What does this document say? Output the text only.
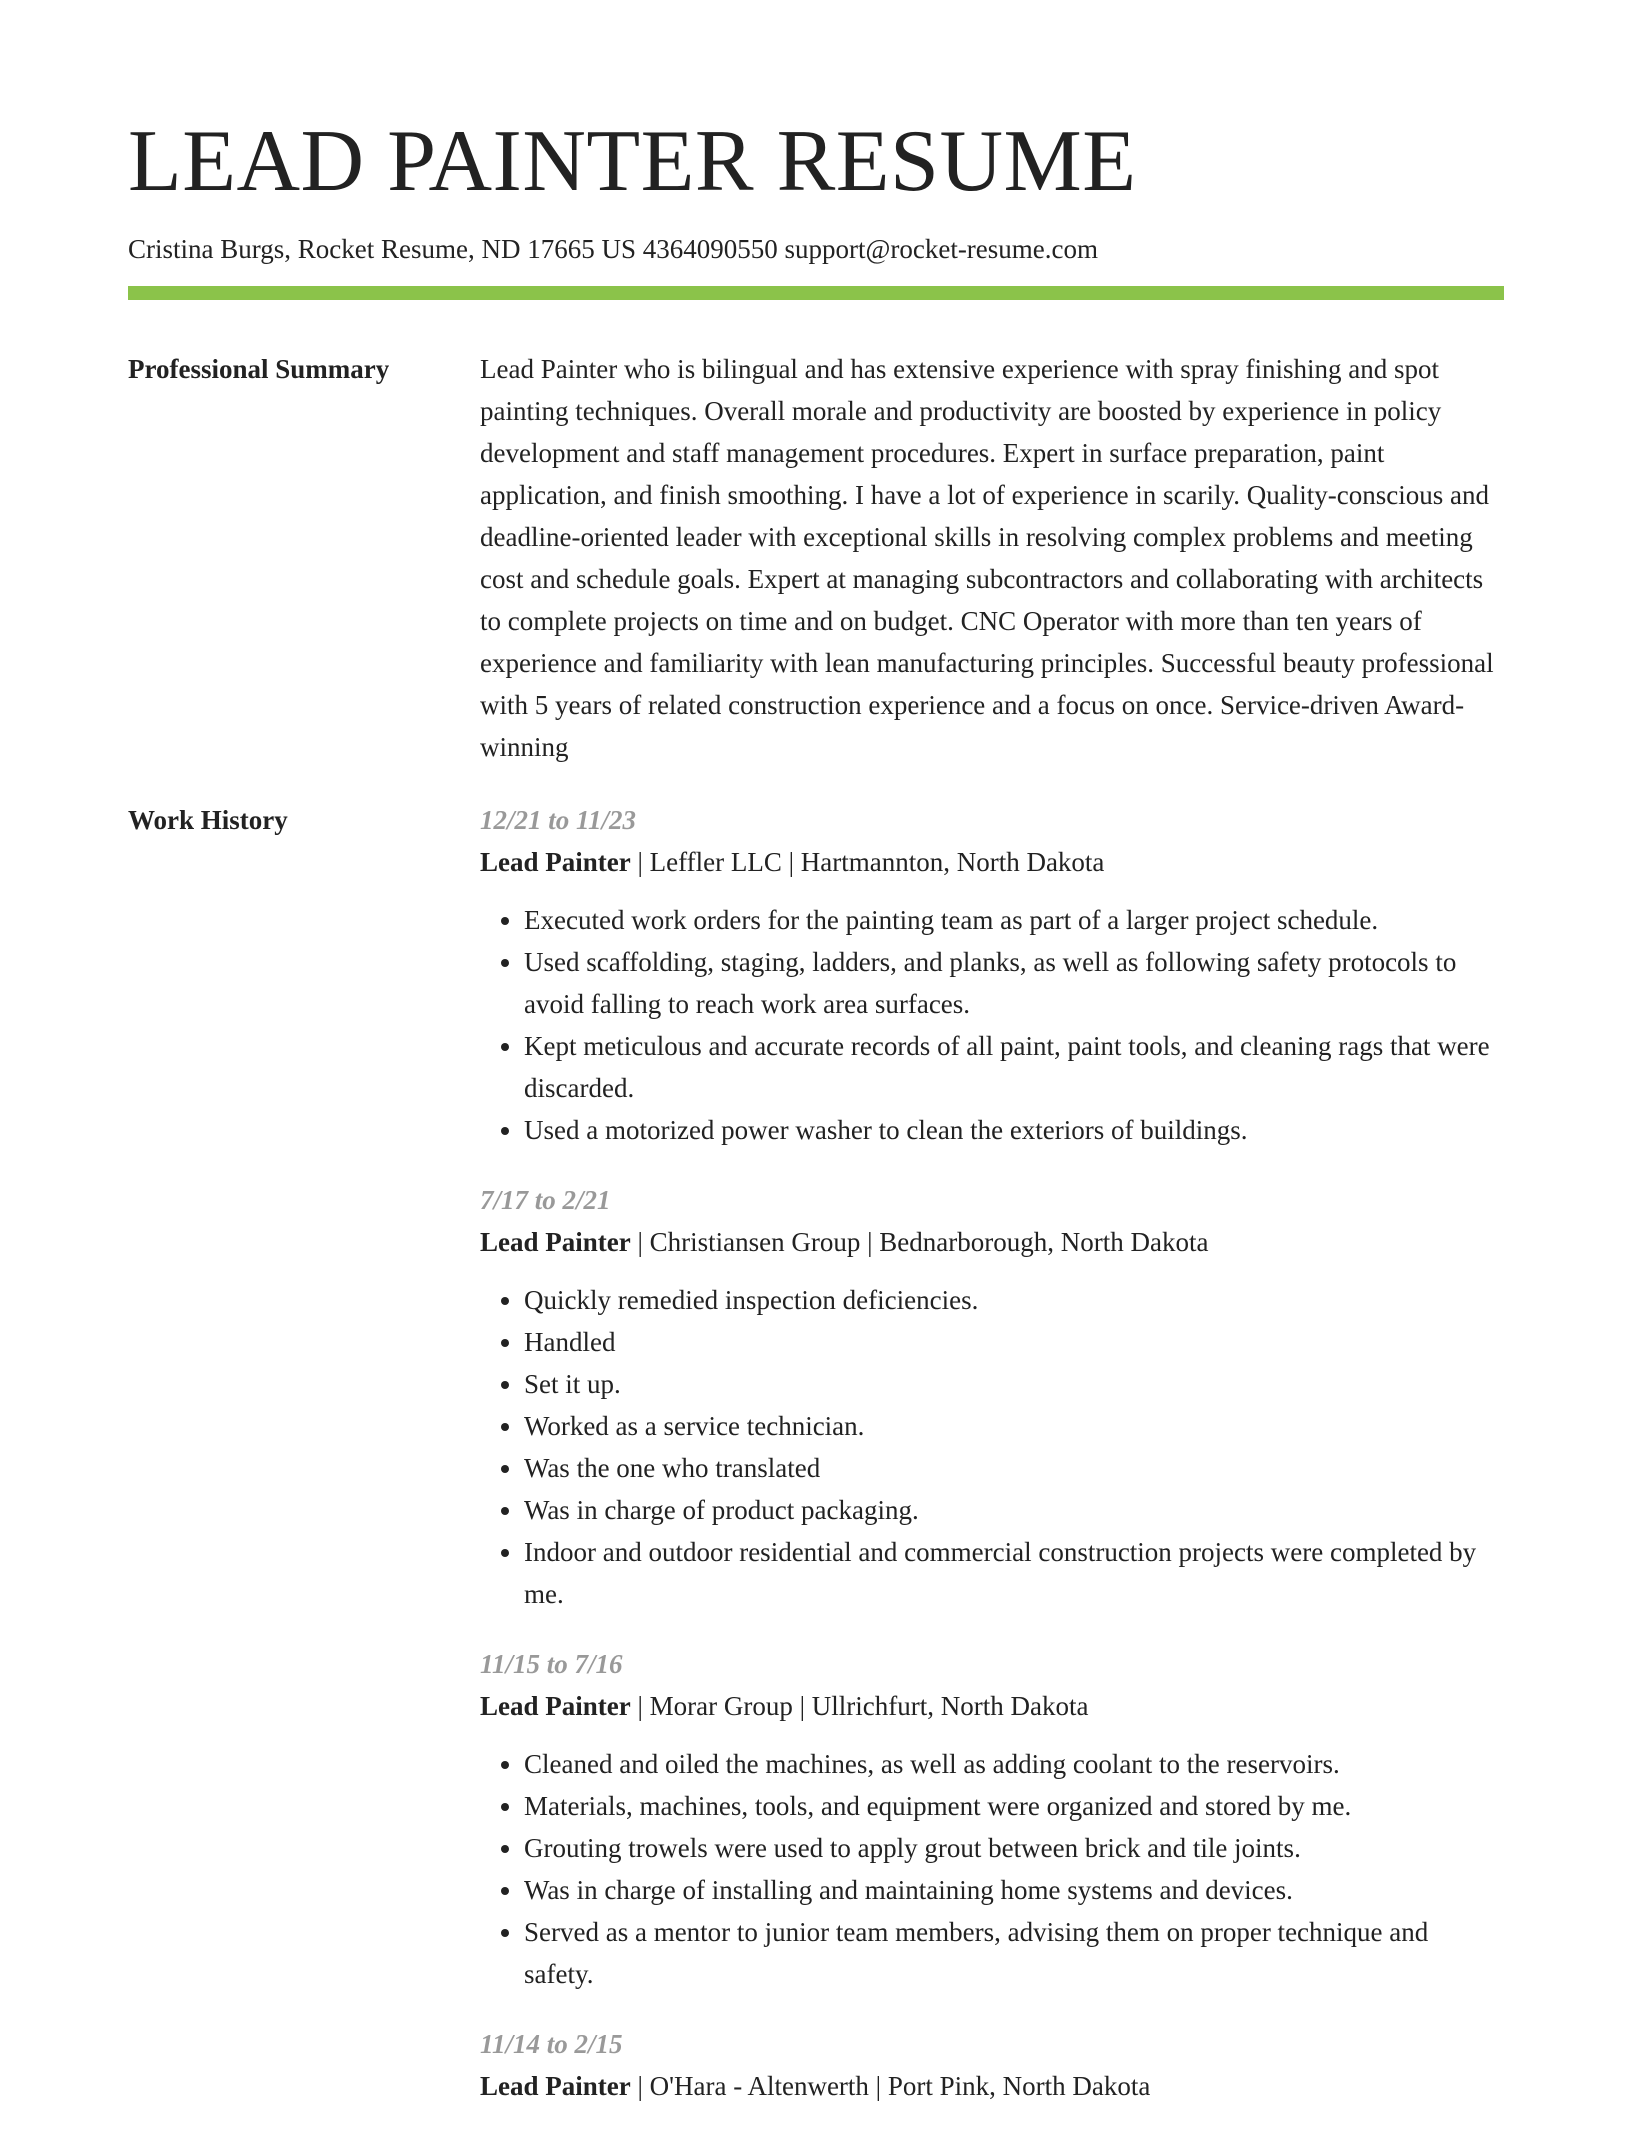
LEAD PAINTER RESUME
Cristina Burgs, Rocket Resume, ND 17665 US 4364090550 support@rocket-resume.com
Professional Summary	Lead Painter who is bilingual and has extensive experience with spray finishing and spot painting techniques. Overall morale and productivity are boosted by experience in policy development and staff management procedures. Expert in surface preparation, paint application, and finish smoothing. I have a lot of experience in scarily. Quality-conscious and deadline-oriented leader with exceptional skills in resolving complex problems and meeting cost and schedule goals. Expert at managing subcontractors and collaborating with architects to complete projects on time and on budget. CNC Operator with more than ten years of experience and familiarity with lean manufacturing principles. Successful beauty professional with 5 years of related construction experience and a focus on once. Service-driven Award-winning

Work History	12/21 to 11/23
Lead Painter | Leffler LLC | Hartmannton, North Dakota
• Executed work orders for the painting team as part of a larger project schedule.
• Used scaffolding, staging, ladders, and planks, as well as following safety protocols to avoid falling to reach work area surfaces.
• Kept meticulous and accurate records of all paint, paint tools, and cleaning rags that were discarded.
• Used a motorized power washer to clean the exteriors of buildings.
7/17 to 2/21
Lead Painter | Christiansen Group | Bednarborough, North Dakota
• Quickly remedied inspection deficiencies.
• Handled
• Set it up.
• Worked as a service technician.
• Was the one who translated
• Was in charge of product packaging.
• Indoor and outdoor residential and commercial construction projects were completed by me.
11/15 to 7/16
Lead Painter | Morar Group | Ullrichfurt, North Dakota
• Cleaned and oiled the machines, as well as adding coolant to the reservoirs.
• Materials, machines, tools, and equipment were organized and stored by me.
• Grouting trowels were used to apply grout between brick and tile joints.
• Was in charge of installing and maintaining home systems and devices.
• Served as a mentor to junior team members, advising them on proper technique and safety.
11/14 to 2/15
Lead Painter | O'Hara - Altenwerth | Port Pink, North Dakota
